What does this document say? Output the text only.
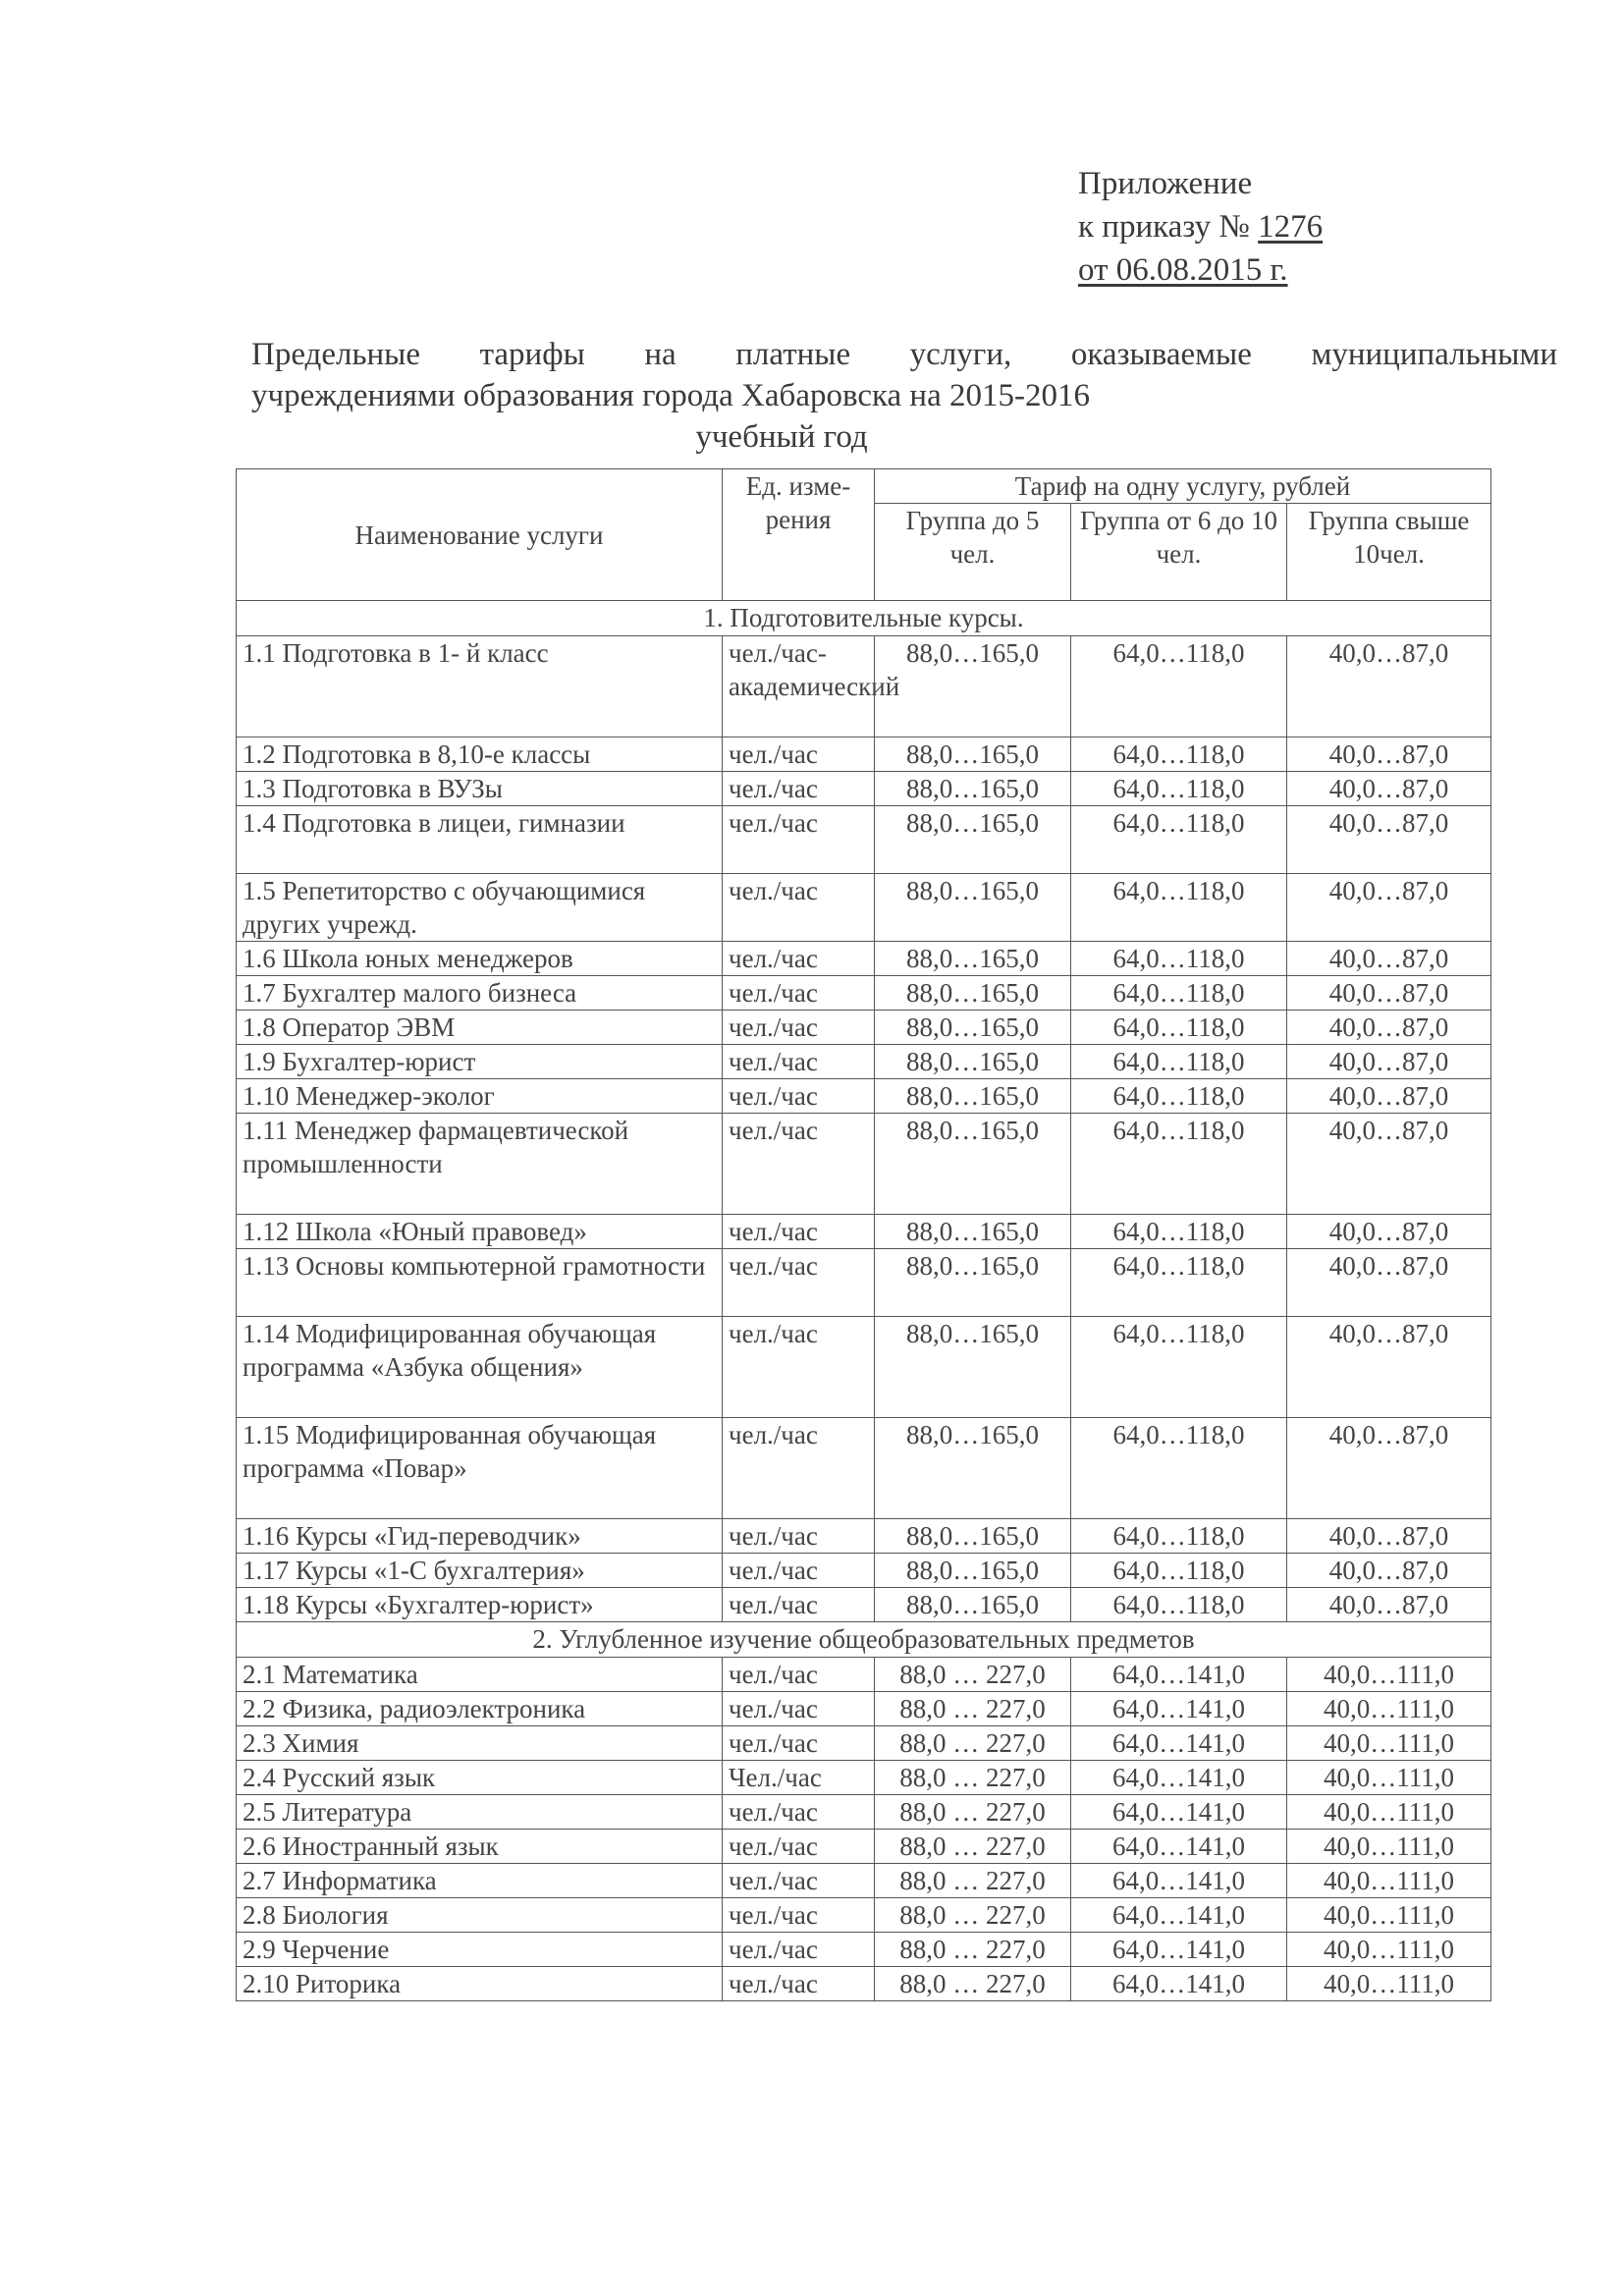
Приложение
к приказу № 1276
от 06.08.2015 г.
Предельные тарифы на платные услуги, оказываемые муниципальными
учреждениями образования города Хабаровска на 2015-2016
учебный год
Наименование услуги	Ед. изме-рения	Тариф на одну услугу, рублей		
		Группа до 5 чел.	Группа от 6 до 10 чел.	Группа свыше 10чел.
1. Подготовительные курсы.				
1.1 Подготовка в 1- й класс	чел./час-академический	88,0…165,0	64,0…118,0	40,0…87,0
1.2 Подготовка в 8,10-е классы	чел./час	88,0…165,0	64,0…118,0	40,0…87,0
1.3 Подготовка в ВУЗы	чел./час	88,0…165,0	64,0…118,0	40,0…87,0
1.4 Подготовка в лицеи, гимназии	чел./час	88,0…165,0	64,0…118,0	40,0…87,0
1.5 Репетиторство с обучающимися других учрежд.	чел./час	88,0…165,0	64,0…118,0	40,0…87,0
1.6 Школа юных менеджеров	чел./час	88,0…165,0	64,0…118,0	40,0…87,0
1.7 Бухгалтер малого бизнеса	чел./час	88,0…165,0	64,0…118,0	40,0…87,0
1.8 Оператор ЭВМ	чел./час	88,0…165,0	64,0…118,0	40,0…87,0
1.9 Бухгалтер-юрист	чел./час	88,0…165,0	64,0…118,0	40,0…87,0
1.10 Менеджер-эколог	чел./час	88,0…165,0	64,0…118,0	40,0…87,0
1.11 Менеджер фармацевтической промышленности	чел./час	88,0…165,0	64,0…118,0	40,0…87,0
1.12 Школа «Юный правовед»	чел./час	88,0…165,0	64,0…118,0	40,0…87,0
1.13 Основы компьютерной грамотности	чел./час	88,0…165,0	64,0…118,0	40,0…87,0
1.14 Модифицированная обучающая программа «Азбука общения»	чел./час	88,0…165,0	64,0…118,0	40,0…87,0
1.15 Модифицированная обучающая программа «Повар»	чел./час	88,0…165,0	64,0…118,0	40,0…87,0
1.16 Курсы «Гид-переводчик»	чел./час	88,0…165,0	64,0…118,0	40,0…87,0
1.17 Курсы «1-С бухгалтерия»	чел./час	88,0…165,0	64,0…118,0	40,0…87,0
1.18 Курсы «Бухгалтер-юрист»	чел./час	88,0…165,0	64,0…118,0	40,0…87,0
2. Углубленное изучение общеобразовательных предметов				
2.1 Математика	чел./час	88,0 … 227,0	64,0…141,0	40,0…111,0
2.2 Физика, радиоэлектроника	чел./час	88,0 … 227,0	64,0…141,0	40,0…111,0
2.3 Химия	чел./час	88,0 … 227,0	64,0…141,0	40,0…111,0
2.4 Русский язык	Чел./час	88,0 … 227,0	64,0…141,0	40,0…111,0
2.5 Литература	чел./час	88,0 … 227,0	64,0…141,0	40,0…111,0
2.6 Иностранный язык	чел./час	88,0 … 227,0	64,0…141,0	40,0…111,0
2.7 Информатика	чел./час	88,0 … 227,0	64,0…141,0	40,0…111,0
2.8 Биология	чел./час	88,0 … 227,0	64,0…141,0	40,0…111,0
2.9 Черчение	чел./час	88,0 … 227,0	64,0…141,0	40,0…111,0
2.10 Риторика	чел./час	88,0 … 227,0	64,0…141,0	40,0…111,0
